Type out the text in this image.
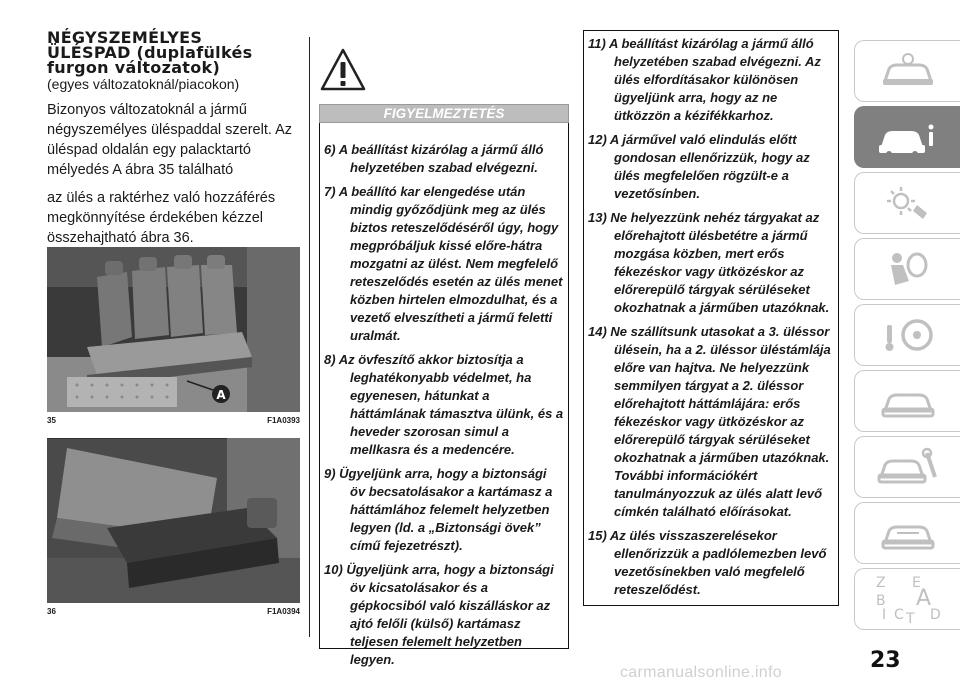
NÉGYSZEMÉLYES
ÜLÉSPAD (duplafülkés
furgon változatok)
(egyes változatoknál/piacokon)

Bizonyos változatoknál a jármű négyszemélyes üléspaddal szerelt. Az üléspad oldalán egy palacktartó mélyedés A ábra 35 található

az ülés a raktérhez való hozzáférés megkönnyítése érdekében kézzel összehajtható ábra 36.

A
35	F1A0393
36	F1A0394
FIGYELMEZTETÉS
6) A beállítást kizárólag a jármű álló helyzetében szabad elvégezni.
7) A beállító kar elengedése után mindig győződjünk meg az ülés biztos reteszelődéséről úgy, hogy megpróbáljuk kissé előre-hátra mozgatni az ülést. Nem megfelelő reteszelődés esetén az ülés menet közben hirtelen elmozdulhat, és a vezető elveszítheti a jármű feletti uralmát.
8) Az övfeszítő akkor biztosítja a leghatékonyabb védelmet, ha egyenesen, hátunkat a háttámlának támasztva ülünk, és a heveder szorosan simul a mellkasra és a medencére.
9) Ügyeljünk arra, hogy a biztonsági öv becsatolásakor a kartámasz a háttámlához felemelt helyzetben legyen (ld. a „Biztonsági övek” című fejezetrészt).
10) Ügyeljünk arra, hogy a biztonsági öv kicsatolásakor és a gépkocsiból való kiszálláskor az ajtó felőli (külső) kartámasz teljesen felemelt helyzetben legyen.
11) A beállítást kizárólag a jármű álló helyzetében szabad elvégezni. Az ülés elfordításakor különösen ügyeljünk arra, hogy az ne ütközzön a kézifékkarhoz.
12) A járművel való elindulás előtt gondosan ellenőrizzük, hogy az ülés megfelelően rögzült-e a vezetősínben.
13) Ne helyezzünk nehéz tárgyakat az előrehajtott ülésbetétre a jármű mozgása közben, mert erős fékezéskor vagy ütközéskor az előrerepülő tárgyak sérüléseket okozhatnak a járműben utazóknak.
14) Ne szállítsunk utasokat a 3. üléssor ülésein, ha a 2. üléssor üléstámlája előre van hajtva. Ne helyezzünk semmilyen tárgyat a 2. üléssor előrehajtott háttámlájára: erős fékezéskor vagy ütközéskor az előrerepülő tárgyak sérüléseket okozhatnak a járműben utazóknak. További információkért tanulmányozzuk az ülés alatt levő címkén található előírásokat.
15) Az ülés visszaszerelésekor ellenőrizzük a padlólemezben levő vezetősínekben való megfelelő reteszelődést.	Z E
A
B
C D
T
I
23
carmanualsonline.info
